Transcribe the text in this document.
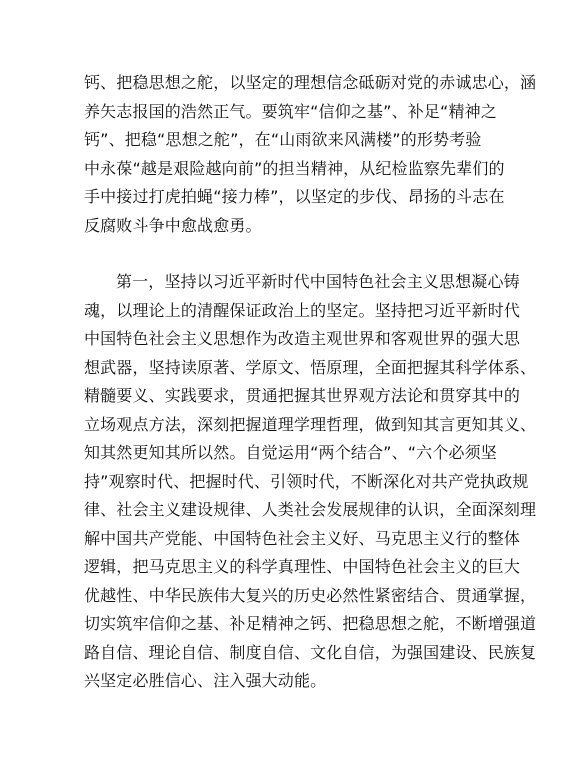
钙、把稳思想之舵，以坚定的理想信念砥砺对党的赤诚忠心，涵
养矢志报国的浩然正气。要筑牢“信仰之基”、补足“精神之
钙”、把稳“思想之舵”，在“山雨欲来风满楼”的形势考验
中永葆“越是艰险越向前”的担当精神，从纪检监察先辈们的
手中接过打虎拍蝇“接力棒”，以坚定的步伐、昂扬的斗志在
反腐败斗争中愈战愈勇。
第一，坚持以习近平新时代中国特色社会主义思想凝心铸
魂，以理论上的清醒保证政治上的坚定。坚持把习近平新时代
中国特色社会主义思想作为改造主观世界和客观世界的强大思
想武器，坚持读原著、学原文、悟原理，全面把握其科学体系、
精髓要义、实践要求，贯通把握其世界观方法论和贯穿其中的
立场观点方法，深刻把握道理学理哲理，做到知其言更知其义、
知其然更知其所以然。自觉运用“两个结合”、“六个必须坚
持”观察时代、把握时代、引领时代，不断深化对共产党执政规
律、社会主义建设规律、人类社会发展规律的认识，全面深刻理
解中国共产党能、中国特色社会主义好、马克思主义行的整体
逻辑，把马克思主义的科学真理性、中国特色社会主义的巨大
优越性、中华民族伟大复兴的历史必然性紧密结合、贯通掌握，
切实筑牢信仰之基、补足精神之钙、把稳思想之舵，不断增强道
路自信、理论自信、制度自信、文化自信，为强国建设、民族复
兴坚定必胜信心、注入强大动能。
